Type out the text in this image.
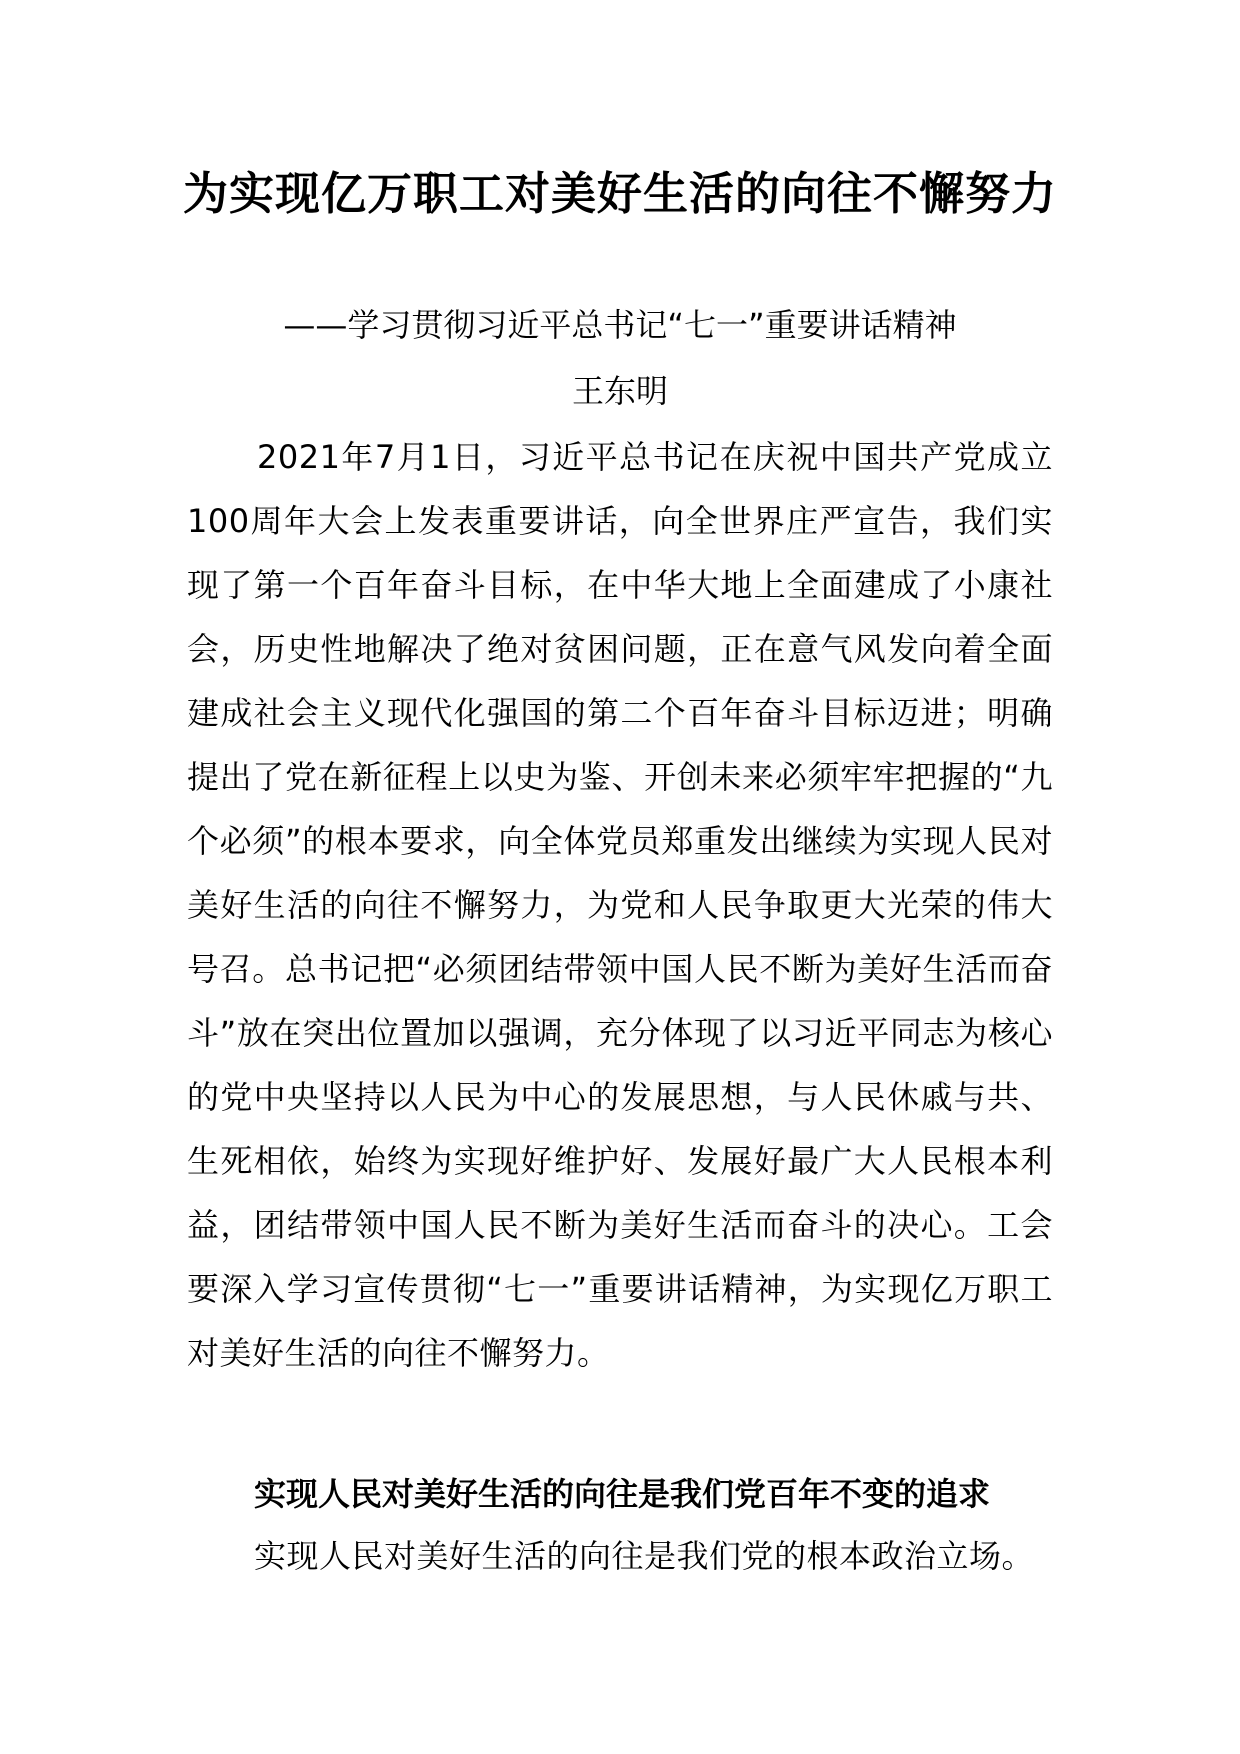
为实现亿万职工对美好生活的向往不懈努力

——学习贯彻习近平总书记“七一”重要讲话精神

王东明

2021年7月1日，习近平总书记在庆祝中国共产党成立100周年大会上发表重要讲话，向全世界庄严宣告，我们实现了第一个百年奋斗目标，在中华大地上全面建成了小康社会，历史性地解决了绝对贫困问题，正在意气风发向着全面建成社会主义现代化强国的第二个百年奋斗目标迈进；明确提出了党在新征程上以史为鉴、开创未来必须牢牢把握的“九个必须”的根本要求，向全体党员郑重发出继续为实现人民对美好生活的向往不懈努力，为党和人民争取更大光荣的伟大号召。总书记把“必须团结带领中国人民不断为美好生活而奋斗”放在突出位置加以强调，充分体现了以习近平同志为核心的党中央坚持以人民为中心的发展思想，与人民休戚与共、生死相依，始终为实现好维护好、发展好最广大人民根本利益，团结带领中国人民不断为美好生活而奋斗的决心。工会要深入学习宣传贯彻“七一”重要讲话精神，为实现亿万职工对美好生活的向往不懈努力。

实现人民对美好生活的向往是我们党百年不变的追求

实现人民对美好生活的向往是我们党的根本政治立场。
